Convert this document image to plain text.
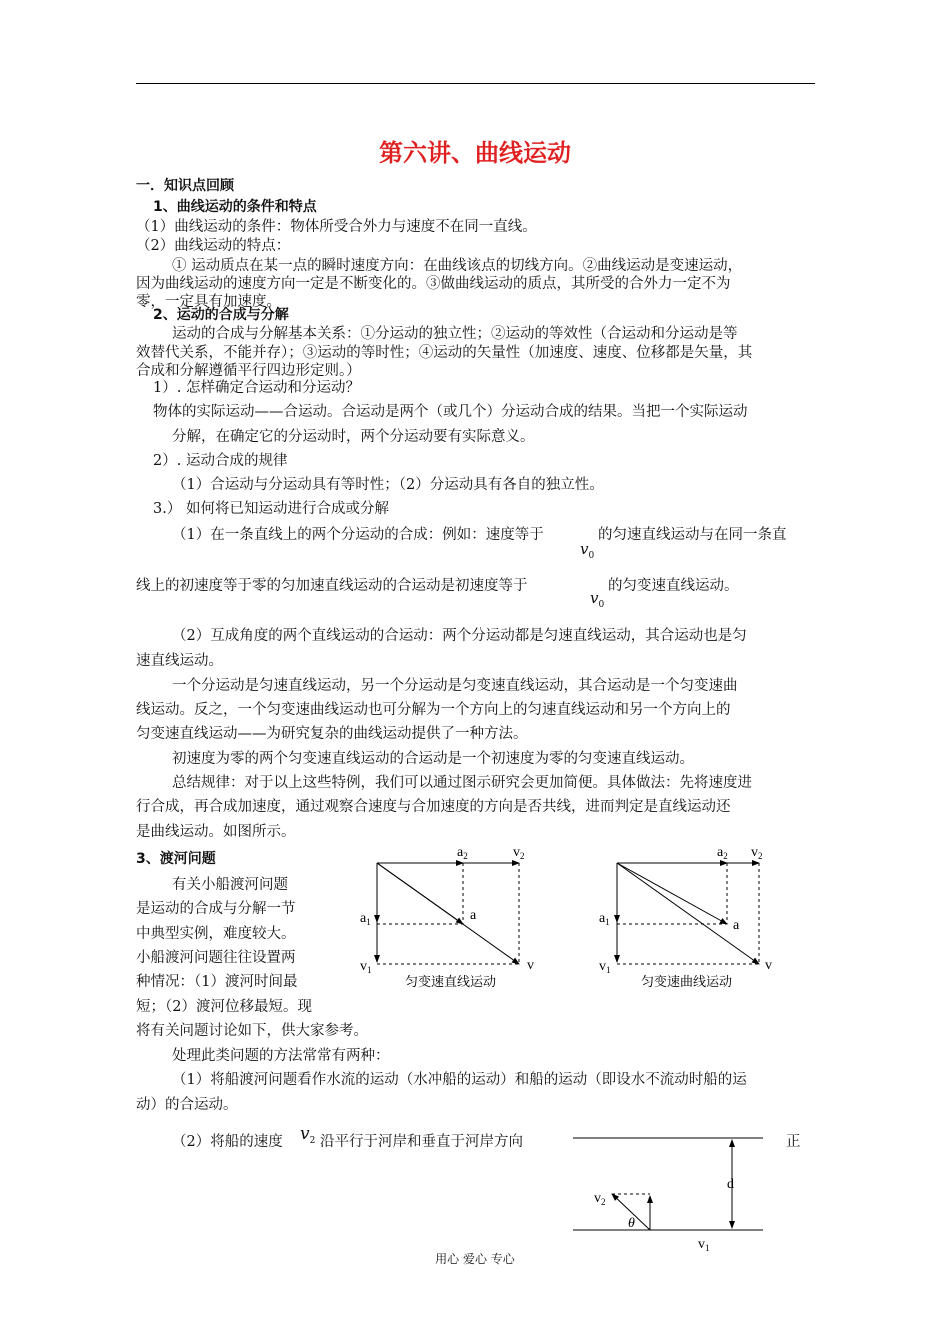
第六讲、曲线运动
一．知识点回顾
1、曲线运动的条件和特点
（1）曲线运动的条件：物体所受合外力与速度不在同一直线。
（2）曲线运动的特点：
① 运动质点在某一点的瞬时速度方向：在曲线该点的切线方向。②曲线运动是变速运动，
因为曲线运动的速度方向一定是不断变化的。③做曲线运动的质点，其所受的合外力一定不为
零，一定具有加速度。
2、运动的合成与分解
运动的合成与分解基本关系：①分运动的独立性；②运动的等效性（合运动和分运动是等
效替代关系，不能并存）；③运动的等时性；④运动的矢量性（加速度、速度、位移都是矢量，其
合成和分解遵循平行四边形定则。）
1）. 怎样确定合运动和分运动？
物体的实际运动——合运动。合运动是两个（或几个）分运动合成的结果。当把一个实际运动
分解，在确定它的分运动时，两个分运动要有实际意义。
2）. 运动合成的规律
（1）合运动与分运动具有等时性；（2）分运动具有各自的独立性。
3.） 如何将已知运动进行合成或分解
（1）在一条直线上的两个分运动的合成：例如：速度等于
$v_0$
的匀速直线运动与在同一条直
线上的初速度等于零的匀加速直线运动的合运动是初速度等于
$v_0$
的匀变速直线运动。
（2）互成角度的两个直线运动的合运动：两个分运动都是匀速直线运动，其合运动也是匀
速直线运动。
一个分运动是匀速直线运动，另一个分运动是匀变速直线运动，其合运动是一个匀变速曲
线运动。反之，一个匀变速曲线运动也可分解为一个方向上的匀速直线运动和另一个方向上的
匀变速直线运动——为研究复杂的曲线运动提供了一种方法。
初速度为零的两个匀变速直线运动的合运动是一个初速度为零的匀变速直线运动。
总结规律：对于以上这些特例，我们可以通过图示研究会更加简便。具体做法：先将速度进
行合成，再合成加速度，通过观察合速度与合加速度的方向是否共线，进而判定是直线运动还
是曲线运动。如图所示。
3、渡河问题
有关小船渡河问题
是运动的合成与分解一节
中典型实例，难度较大。
小船渡河问题往往设置两
种情况：（1）渡河时间最
短；（2）渡河位移最短。现
将有关问题讨论如下，供大家参考。
处理此类问题的方法常常有两种：
（1）将船渡河问题看作水流的运动（水冲船的运动）和船的运动（即设水不流动时船的运
动）的合运动。
（2）将船的速度 $v_2$ 沿平行于河岸和垂直于河岸方向	正
$a_2$	$v_2$
$a_1$
$v_1$
a
v
匀变速直线运动
$a_2$ $v_2$
$a_1$
$v_1$
a
v
匀变速曲线运动
d
$v_2$
θ
$v_1$
用心 爱心 专心
